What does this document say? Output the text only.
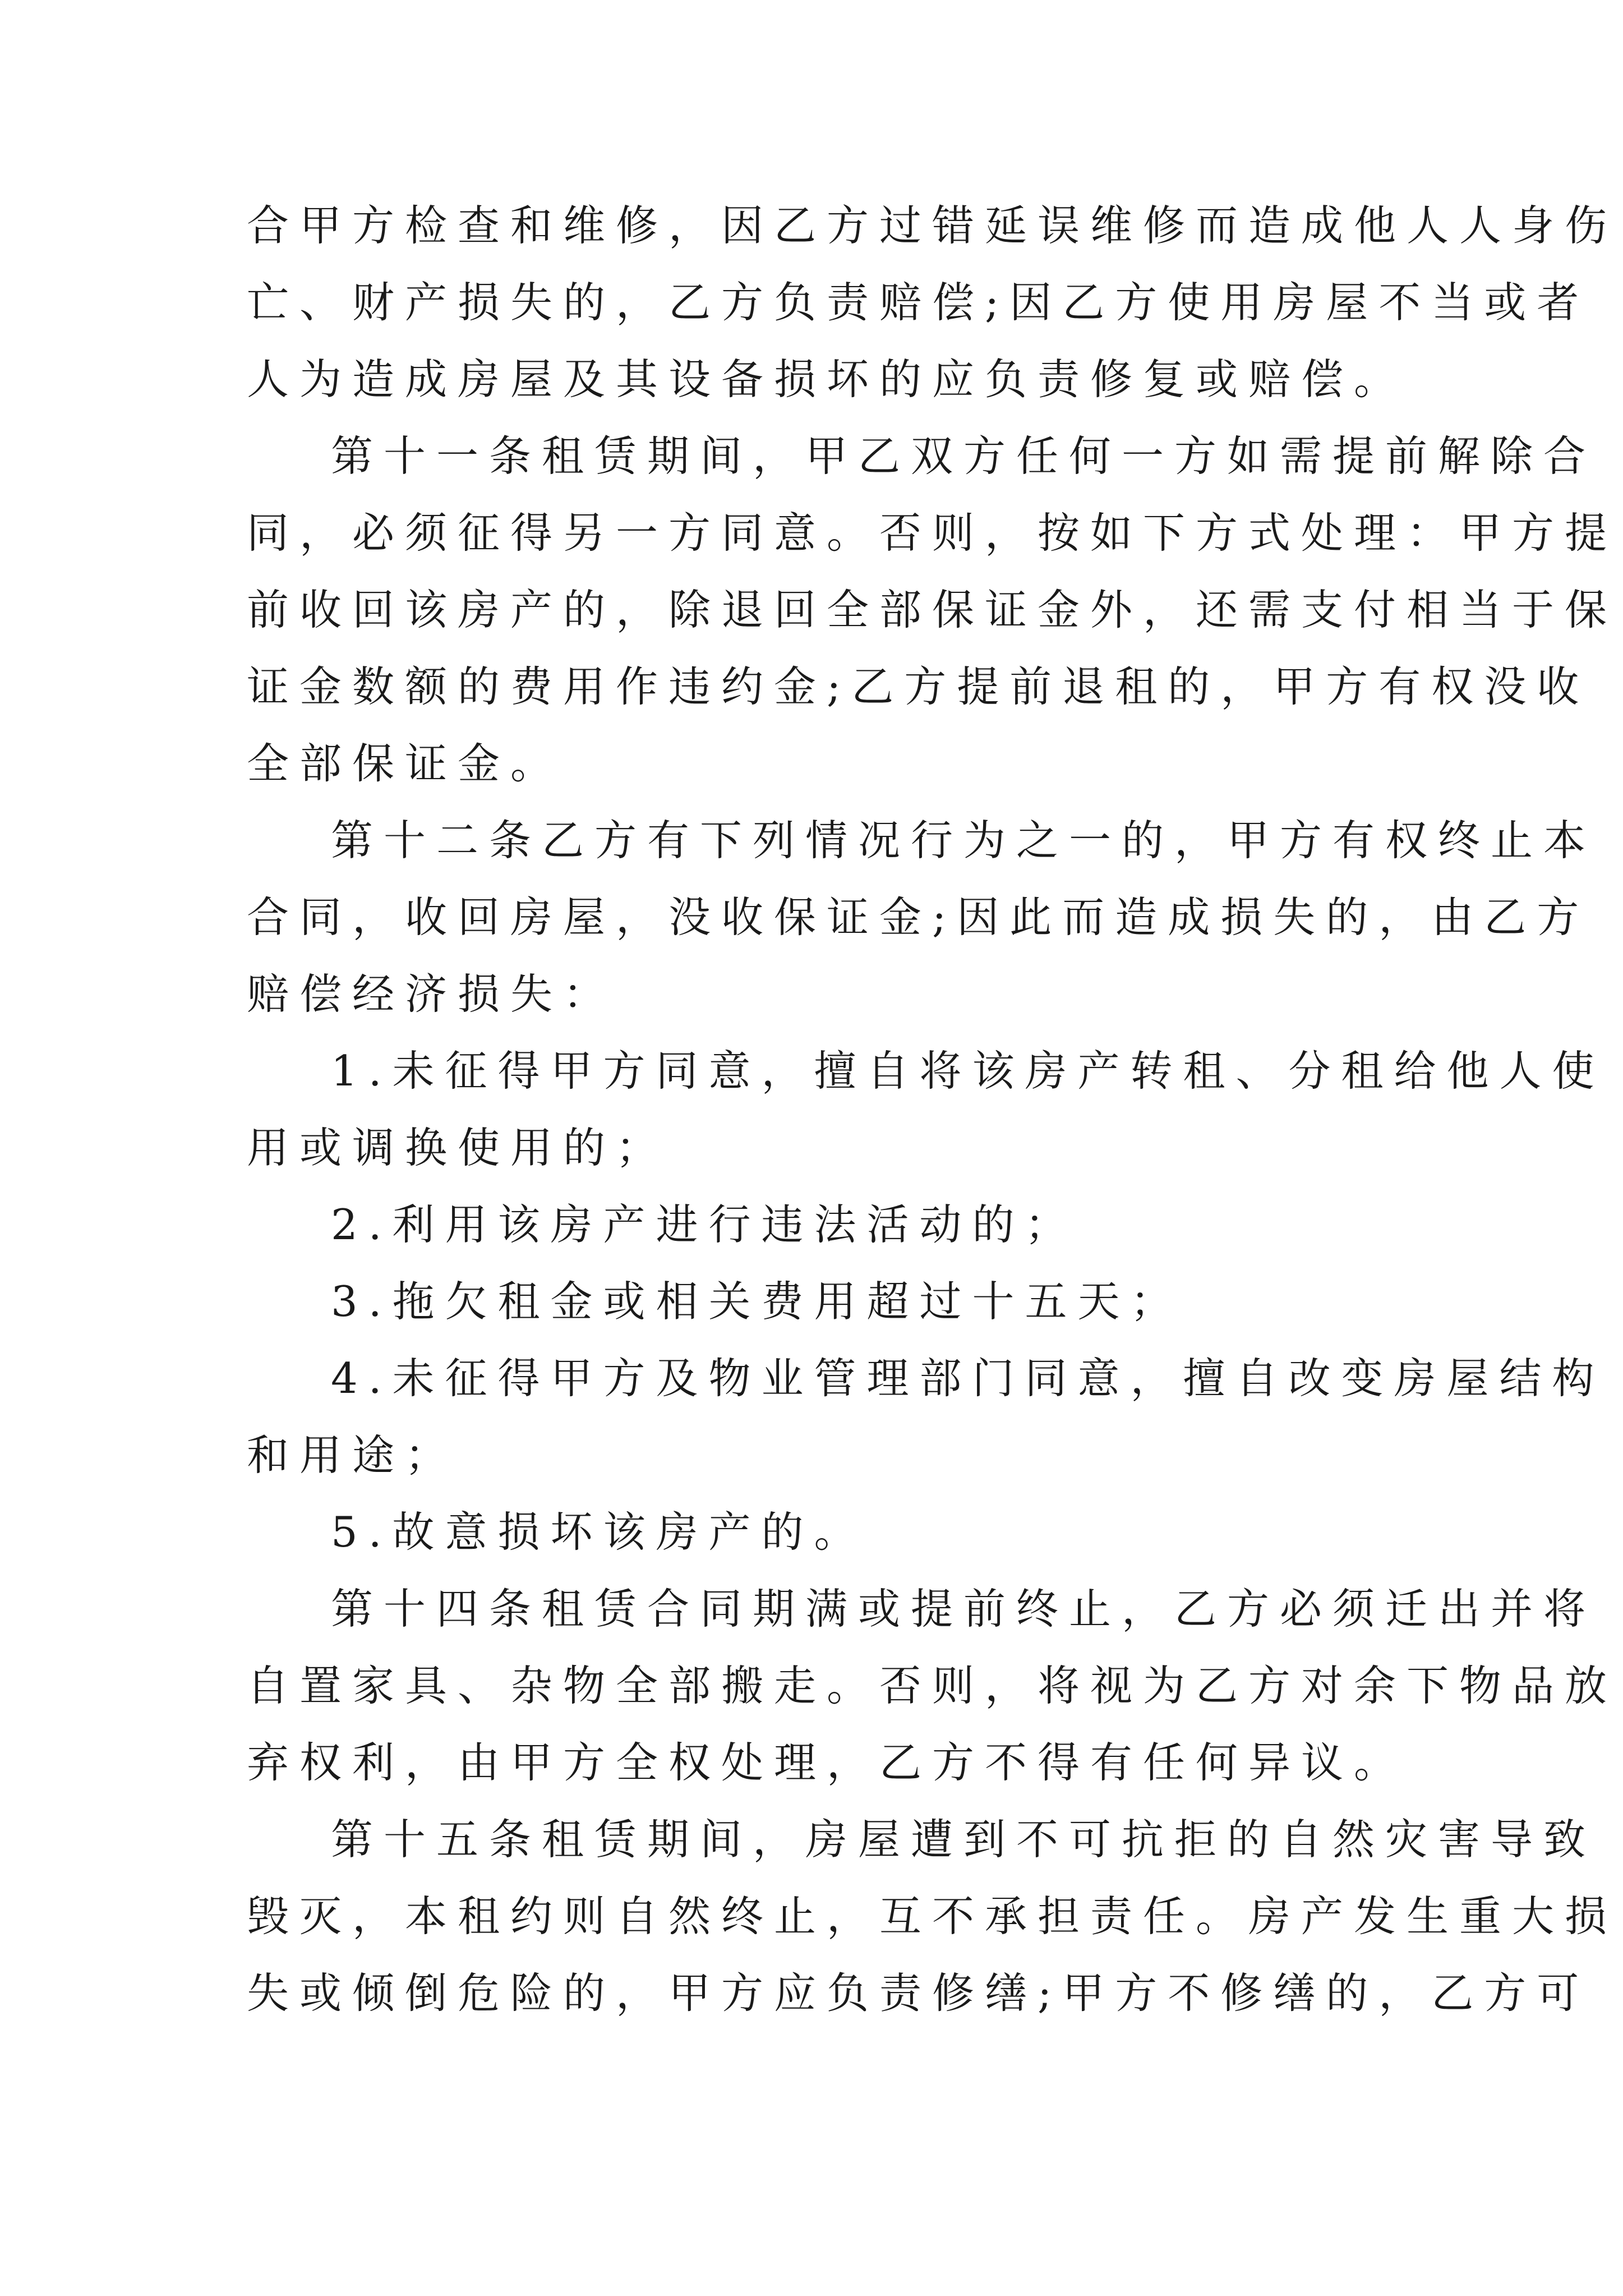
合甲方检查和维修，因乙方过错延误维修而造成他人人身伤
亡、财产损失的，乙方负责赔偿;因乙方使用房屋不当或者
人为造成房屋及其设备损坏的应负责修复或赔偿。

第十一条租赁期间，甲乙双方任何一方如需提前解除合
同，必须征得另一方同意。否则，按如下方式处理：甲方提
前收回该房产的，除退回全部保证金外，还需支付相当于保
证金数额的费用作违约金;乙方提前退租的，甲方有权没收
全部保证金。

第十二条乙方有下列情况行为之一的，甲方有权终止本
合同，收回房屋，没收保证金;因此而造成损失的，由乙方
赔偿经济损失：

1.未征得甲方同意，擅自将该房产转租、分租给他人使
用或调换使用的；

2.利用该房产进行违法活动的；

3.拖欠租金或相关费用超过十五天；

4.未征得甲方及物业管理部门同意，擅自改变房屋结构
和用途；

5.故意损坏该房产的。

第十四条租赁合同期满或提前终止，乙方必须迁出并将
自置家具、杂物全部搬走。否则，将视为乙方对余下物品放
弃权利，由甲方全权处理，乙方不得有任何异议。

第十五条租赁期间，房屋遭到不可抗拒的自然灾害导致
毁灭，本租约则自然终止，互不承担责任。房产发生重大损
失或倾倒危险的，甲方应负责修缮;甲方不修缮的，乙方可
